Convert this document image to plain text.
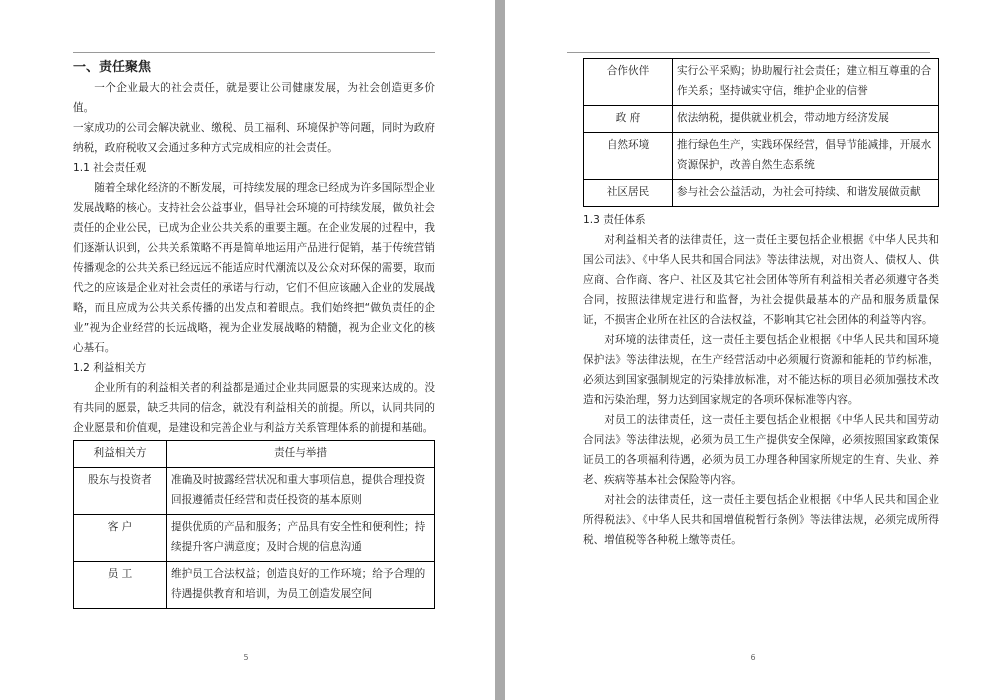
一、责任聚焦

一个企业最大的社会责任，就是要让公司健康发展，为社会创造更多价值。

一家成功的公司会解决就业、缴税、员工福利、环境保护等问题，同时为政府纳税，政府税收又会通过多种方式完成相应的社会责任。

1.1 社会责任观

随着全球化经济的不断发展，可持续发展的理念已经成为许多国际型企业发展战略的核心。支持社会公益事业，倡导社会环境的可持续发展，做负社会责任的企业公民，已成为企业公共关系的重要主题。在企业发展的过程中，我们逐渐认识到，公共关系策略不再是简单地运用产品进行促销，基于传统营销传播观念的公共关系已经远远不能适应时代潮流以及公众对环保的需要，取而代之的应该是企业对社会责任的承诺与行动，它们不但应该融入企业的发展战略，而且应成为公共关系传播的出发点和着眼点。我们始终把“做负责任的企业”视为企业经营的长远战略，视为企业发展战略的精髓，视为企业文化的核心基石。

1.2 利益相关方

企业所有的利益相关者的利益都是通过企业共同愿景的实现来达成的。没有共同的愿景，缺乏共同的信念，就没有利益相关的前提。所以，认同共同的企业愿景和价值观，是建设和完善企业与利益方关系管理体系的前提和基础。

利益相关方	责任与举措
股东与投资者	准确及时披露经营状况和重大事项信息，提供合理投资回报遵循责任经营和责任投资的基本原则
客 户	提供优质的产品和服务；产品具有安全性和便利性；持续提升客户满意度；及时合规的信息沟通
员 工	维护员工合法权益；创造良好的工作环境；给予合理的待遇提供教育和培训，为员工创造发展空间
5
合作伙伴	实行公平采购；协助履行社会责任；建立相互尊重的合作关系；坚持诚实守信，维护企业的信誉
政 府	依法纳税，提供就业机会，带动地方经济发展
自然环境	推行绿色生产，实践环保经营，倡导节能减排，开展水资源保护，改善自然生态系统
社区居民	参与社会公益活动，为社会可持续、和谐发展做贡献
1.3 责任体系

对利益相关者的法律责任，这一责任主要包括企业根据《中华人民共和国公司法》、《中华人民共和国合同法》等法律法规，对出资人、债权人、供应商、合作商、客户、社区及其它社会团体等所有利益相关者必须遵守各类合同，按照法律规定进行和监督，为社会提供最基本的产品和服务质量保证，不损害企业所在社区的合法权益，不影响其它社会团体的利益等内容。

对环境的法律责任，这一责任主要包括企业根据《中华人民共和国环境保护法》等法律法规，在生产经营活动中必须履行资源和能耗的节约标准，必须达到国家强制规定的污染排放标准，对不能达标的项目必须加强技术改造和污染治理，努力达到国家规定的各项环保标准等内容。

对员工的法律责任，这一责任主要包括企业根据《中华人民共和国劳动合同法》等法律法规，必须为员工生产提供安全保障，必须按照国家政策保证员工的各项福利待遇，必须为员工办理各种国家所规定的生育、失业、养老、疾病等基本社会保险等内容。

对社会的法律责任，这一责任主要包括企业根据《中华人民共和国企业所得税法》、《中华人民共和国增值税暂行条例》等法律法规，必须完成所得税、增值税等各种税上缴等责任。

6
